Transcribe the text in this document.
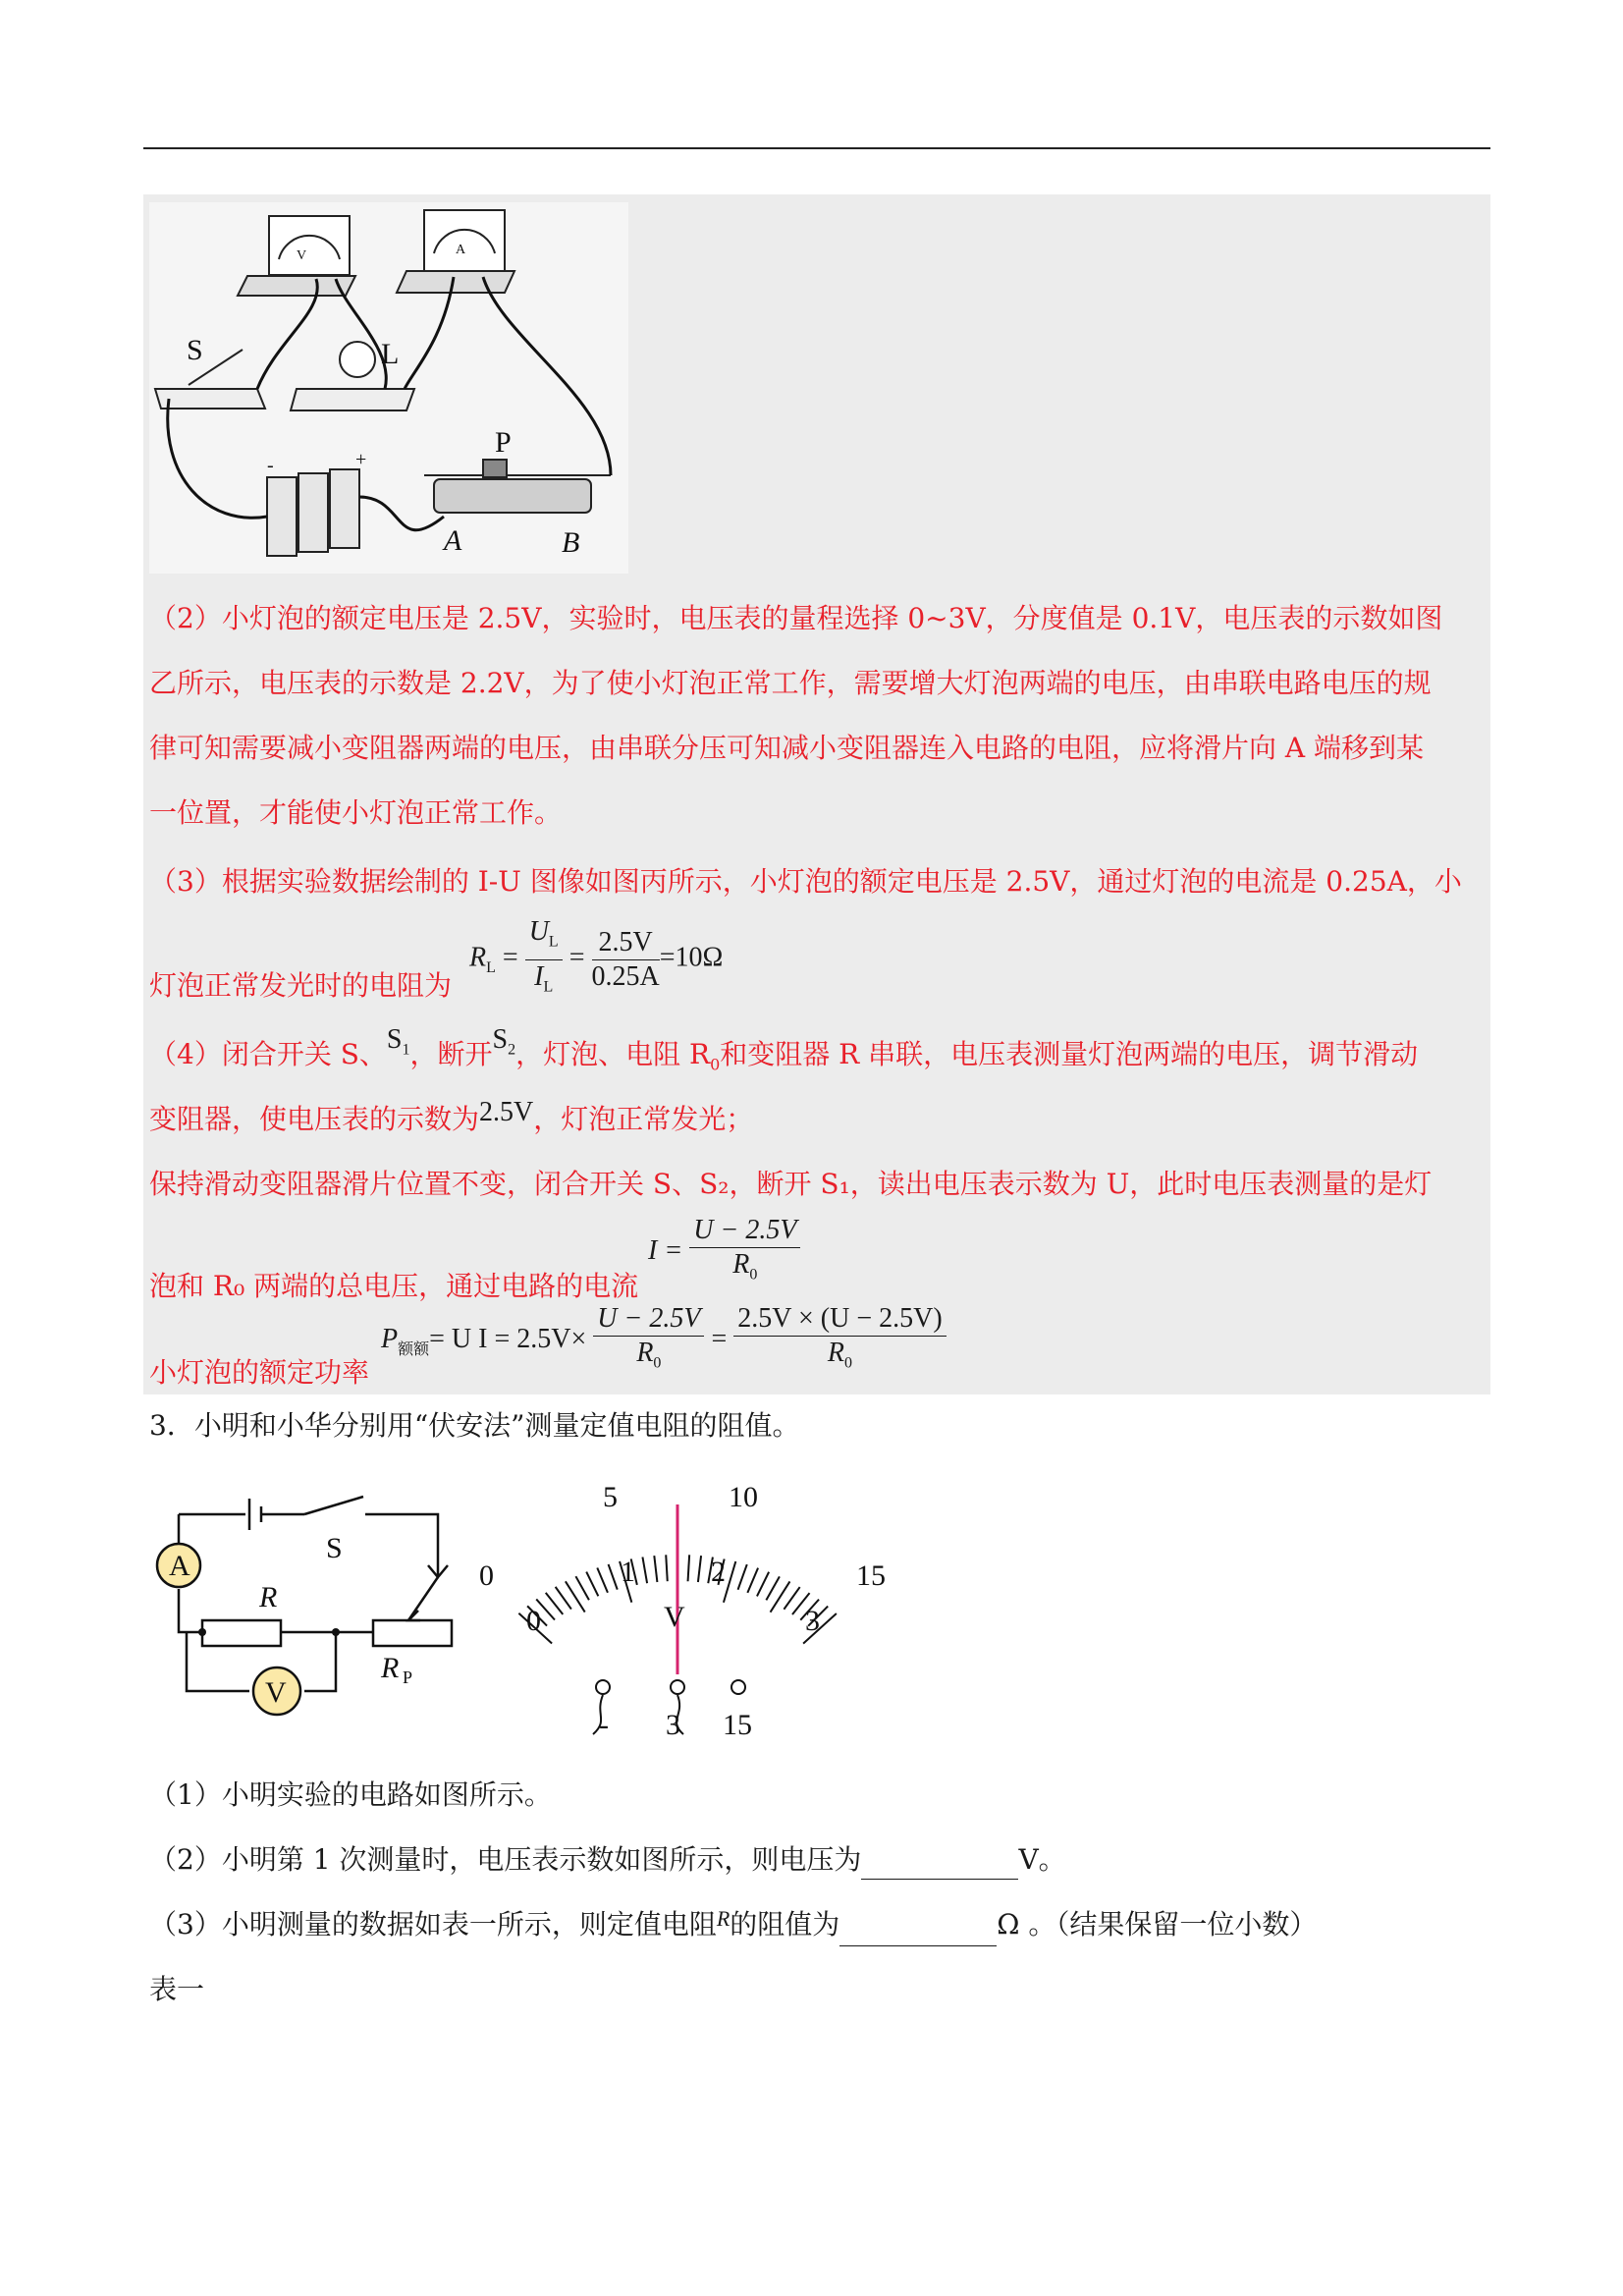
S	L
P
A	B
V	A
-	+
（2）小灯泡的额定电压是 2.5V，实验时，电压表的量程选择 0~3V，分度值是 0.1V，电压表的示数如图
乙所示，电压表的示数是 2.2V，为了使小灯泡正常工作，需要增大灯泡两端的电压，由串联电路电压的规
律可知需要减小变阻器两端的电压，由串联分压可知减小变阻器连入电路的电阻，应将滑片向 A 端移到某
一位置，才能使小灯泡正常工作。
（3）根据实验数据绘制的 I-U 图像如图丙所示，小灯泡的额定电压是 2.5V，通过灯泡的电流是 0.25A，小
$R_L = \frac{U_L}{I_L} = \frac{2.5V}{0.25A} =10\Omega$
灯泡正常发光时的电阻为
（4）闭合开关 S、$S_1$，断开$S_2$，灯泡、电阻 $R_0$和变阻器 R 串联，电压表测量灯泡两端的电压，调节滑动
变阻器，使电压表的示数为2.5V，灯泡正常发光；
保持滑动变阻器滑片位置不变，闭合开关 S、S₂，断开 S₁，读出电压表示数为 U，此时电压表测量的是灯
$I = \frac{U - 2.5V}{R_0}$
泡和 R₀ 两端的总电压，通过电路的电流
$P_{额额}= U$ $I = 2.5V\times \frac{U - 2.5V}{R_0} = \frac{2.5V \times (U - 2.5V)}{R_0}$
小灯泡的额定功率
3．小明和小华分别用“伏安法”测量定值电阻的阻值。
S
A
R
R P
V
0
5	10
15
0
1	2
3
V
- 3 15
（1）小明实验的电路如图所示。
（2）小明第 1 次测量时，电压表示数如图所示，则电压为	V。
（3）小明测量的数据如表一所示，则定值电阻$^R$的阻值为	Ω 。（结果保留一位小数）
表一
